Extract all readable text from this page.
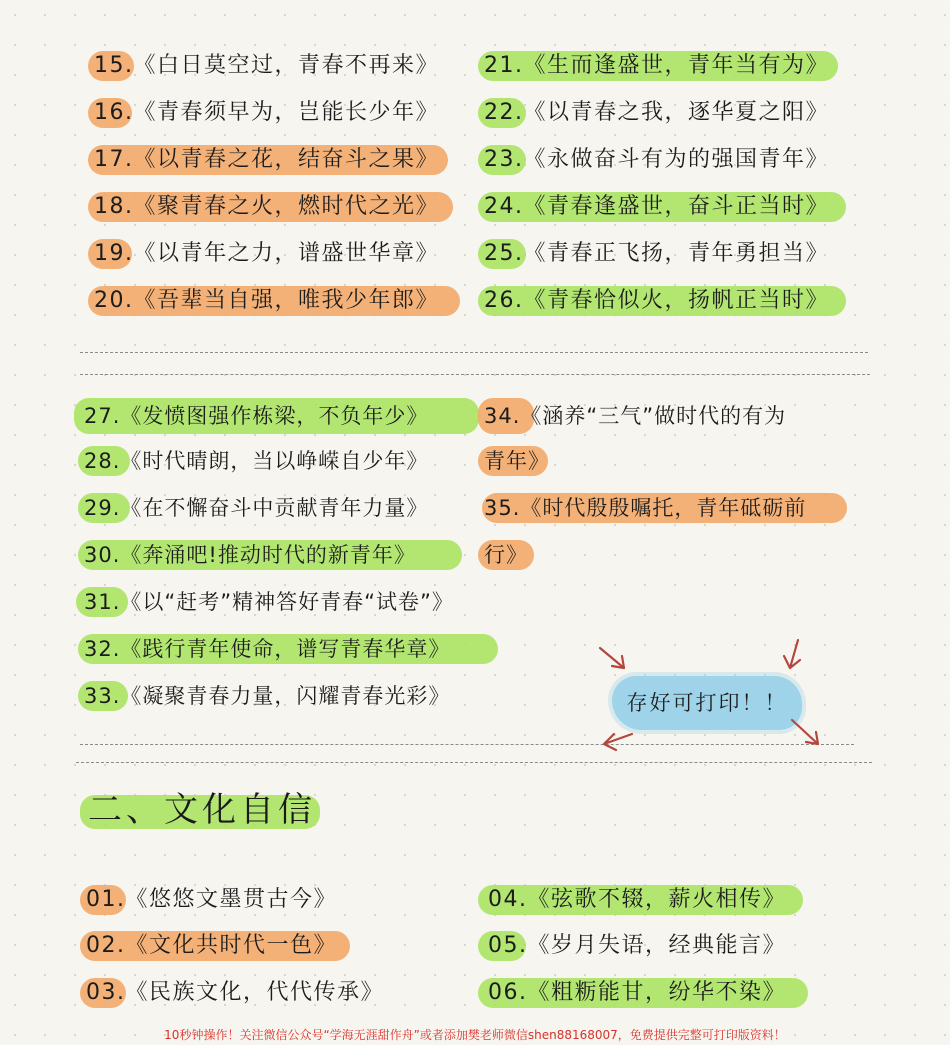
15.《白日莫空过，青春不再来》
16.《青春须早为，岂能长少年》
17.《以青春之花，结奋斗之果》
18.《聚青春之火，燃时代之光》
19.《以青年之力，谱盛世华章》
20.《吾辈当自强，唯我少年郎》
21.《生而逢盛世，青年当有为》
22.《以青春之我，逐华夏之阳》
23.《永做奋斗有为的强国青年》
24.《青春逢盛世，奋斗正当时》
25.《青春正飞扬，青年勇担当》
26.《青春恰似火，扬帆正当时》
27.《发愤图强作栋梁，不负年少》
28.《时代晴朗，当以峥嵘自少年》
29.《在不懈奋斗中贡献青年力量》
30.《奔涌吧!推动时代的新青年》
31.《以“赶考”精神答好青春“试卷”》
32.《践行青年使命，谱写青春华章》
33.《凝聚青春力量，闪耀青春光彩》
34.《涵养“三气”做时代的有为
青年》
35.《时代殷殷嘱托，青年砥砺前
行》
存好可打印！！
二、文化自信
01.《悠悠文墨贯古今》
02.《文化共时代一色》
03.《民族文化，代代传承》
04.《弦歌不辍，薪火相传》
05.《岁月失语，经典能言》
06.《粗粝能甘，纷华不染》
10秒钟操作！关注微信公众号“学海无涯甜作舟”或者添加樊老师微信shen88168007，免费提供完整可打印版资料！
